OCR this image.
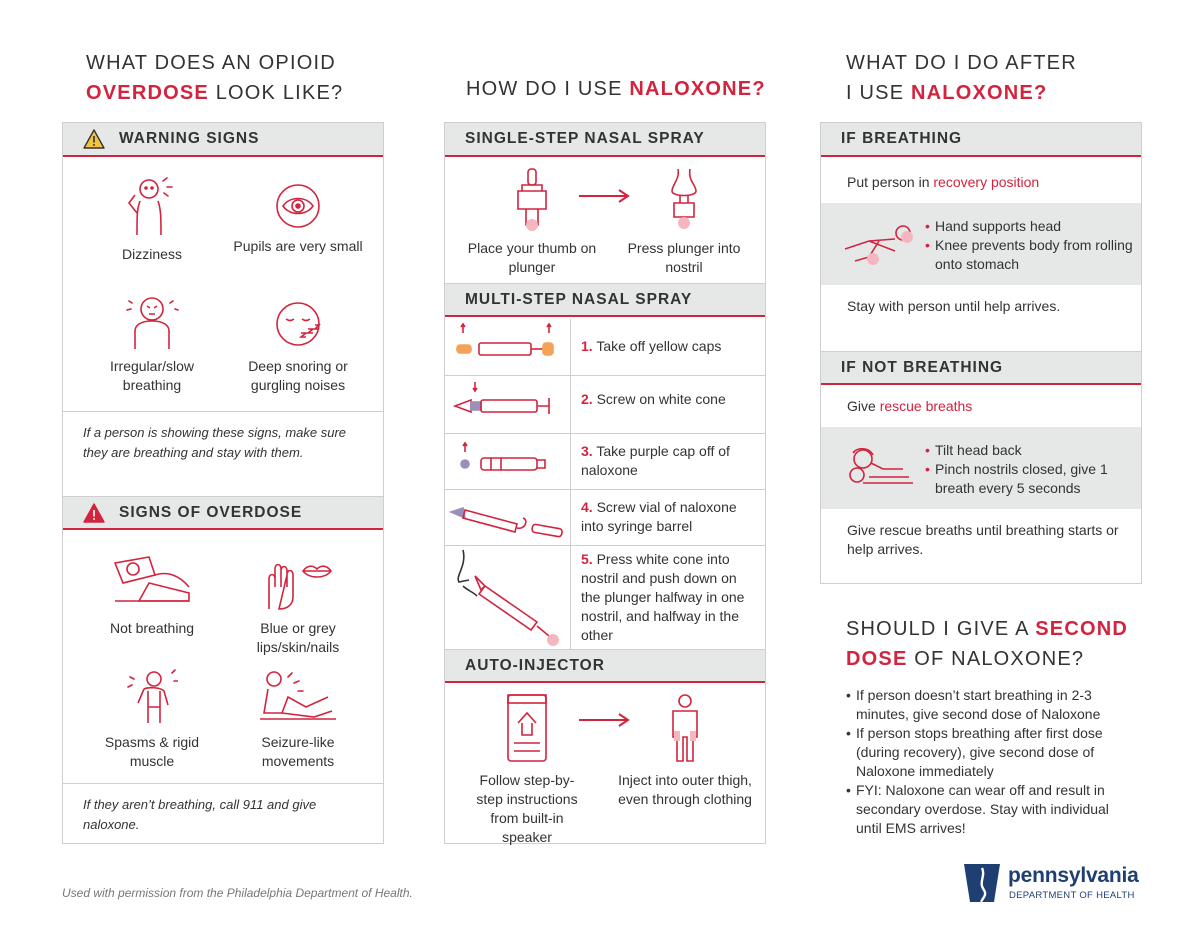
WHAT DOES AN OPIOID
OVERDOSE LOOK LIKE?
WARNING SIGNS
Dizziness	Pupils are very small
Irregular/slow breathing
Deep snoring or gurgling noises
If a person is showing these signs, make sure they are breathing and stay with them.
SIGNS OF OVERDOSE
Not breathing	Blue or grey lips/skin/nails
Spasms & rigid muscle
Seizure-like movements
If they aren’t breathing, call 911 and give naloxone.
HOW DO I USE NALOXONE?
SINGLE-STEP NASAL SPRAY
Place your thumb on plunger
Press plunger into nostril
MULTI-STEP NASAL SPRAY
1. Take off yellow caps
2. Screw on white cone
3. Take purple cap off of naloxone
4. Screw vial of naloxone into syringe barrel
5. Press white cone into nostril and push down on the plunger halfway in one nostril, and halfway in the other
AUTO-INJECTOR
Follow step-by-step instructions from built-in speaker
Inject into outer thigh, even through clothing
WHAT DO I DO AFTER
I USE NALOXONE?
IF BREATHING
Put person in recovery position
• Hand supports head
• Knee prevents body from rolling onto stomach
Stay with person until help arrives.
IF NOT BREATHING
Give rescue breaths
• Tilt head back
• Pinch nostrils closed, give 1 breath every 5 seconds
Give rescue breaths until breathing starts or help arrives.
SHOULD I GIVE A SECOND
DOSE OF NALOXONE?
• If person doesn’t start breathing in 2-3 minutes, give second dose of Naloxone
• If person stops breathing after first dose (during recovery), give second dose of Naloxone immediately
• FYI: Naloxone can wear off and result in secondary overdose. Stay with individual until EMS arrives!
Used with permission from the Philadelphia Department of Health.
pennsylvania
DEPARTMENT OF HEALTH
